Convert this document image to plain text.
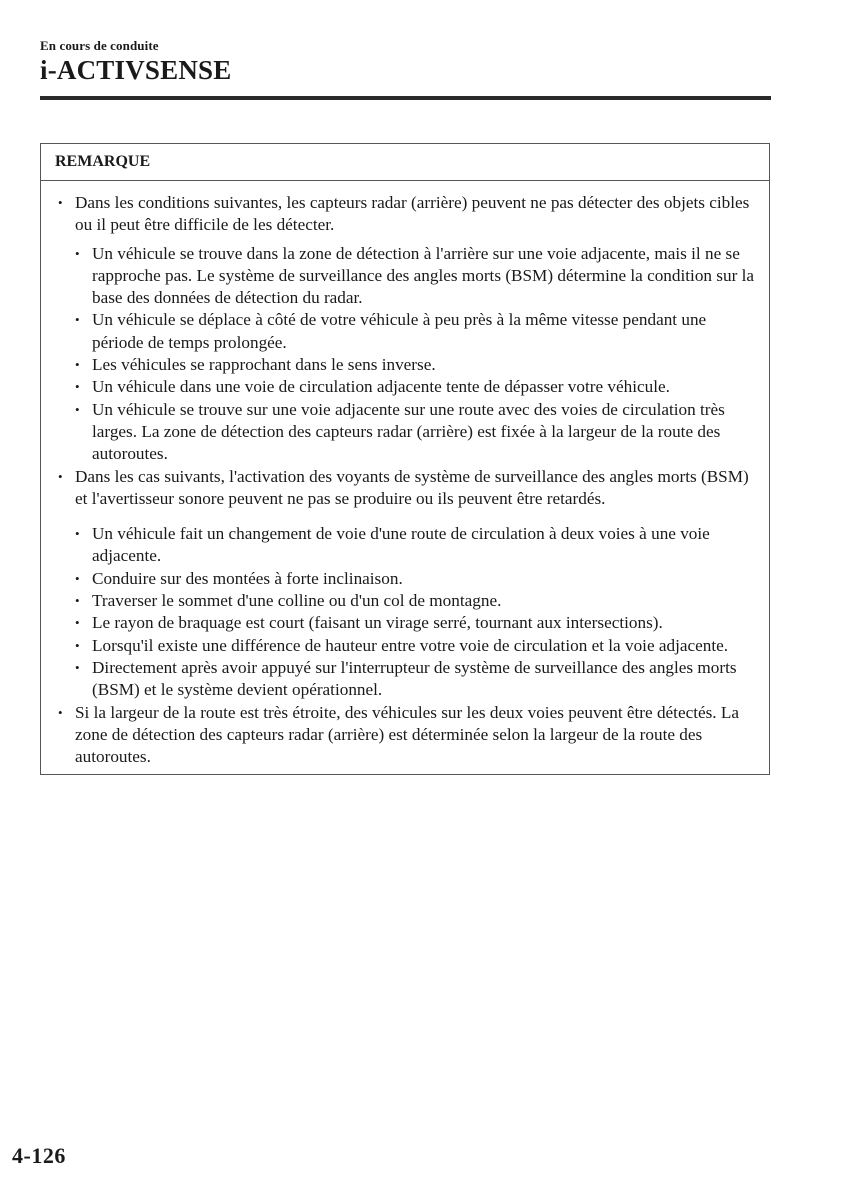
En cours de conduite
i-ACTIVSENSE
REMARQUE
• Dans les conditions suivantes, les capteurs radar (arrière) peuvent ne pas détecter des objets cibles ou il peut être difficile de les détecter.
• Un véhicule se trouve dans la zone de détection à l'arrière sur une voie adjacente, mais il ne se rapproche pas. Le système de surveillance des angles morts (BSM) détermine la condition sur la base des données de détection du radar.
• Un véhicule se déplace à côté de votre véhicule à peu près à la même vitesse pendant une période de temps prolongée.
• Les véhicules se rapprochant dans le sens inverse.
• Un véhicule dans une voie de circulation adjacente tente de dépasser votre véhicule.
• Un véhicule se trouve sur une voie adjacente sur une route avec des voies de circulation très larges. La zone de détection des capteurs radar (arrière) est fixée à la largeur de la route des autoroutes.
• Dans les cas suivants, l'activation des voyants de système de surveillance des angles morts (BSM) et l'avertisseur sonore peuvent ne pas se produire ou ils peuvent être retardés.
• Un véhicule fait un changement de voie d'une route de circulation à deux voies à une voie adjacente.
• Conduire sur des montées à forte inclinaison.
• Traverser le sommet d'une colline ou d'un col de montagne.
• Le rayon de braquage est court (faisant un virage serré, tournant aux intersections).
• Lorsqu'il existe une différence de hauteur entre votre voie de circulation et la voie adjacente.
• Directement après avoir appuyé sur l'interrupteur de système de surveillance des angles morts (BSM) et le système devient opérationnel.
• Si la largeur de la route est très étroite, des véhicules sur les deux voies peuvent être détectés. La zone de détection des capteurs radar (arrière) est déterminée selon la largeur de la route des autoroutes.
4-126
